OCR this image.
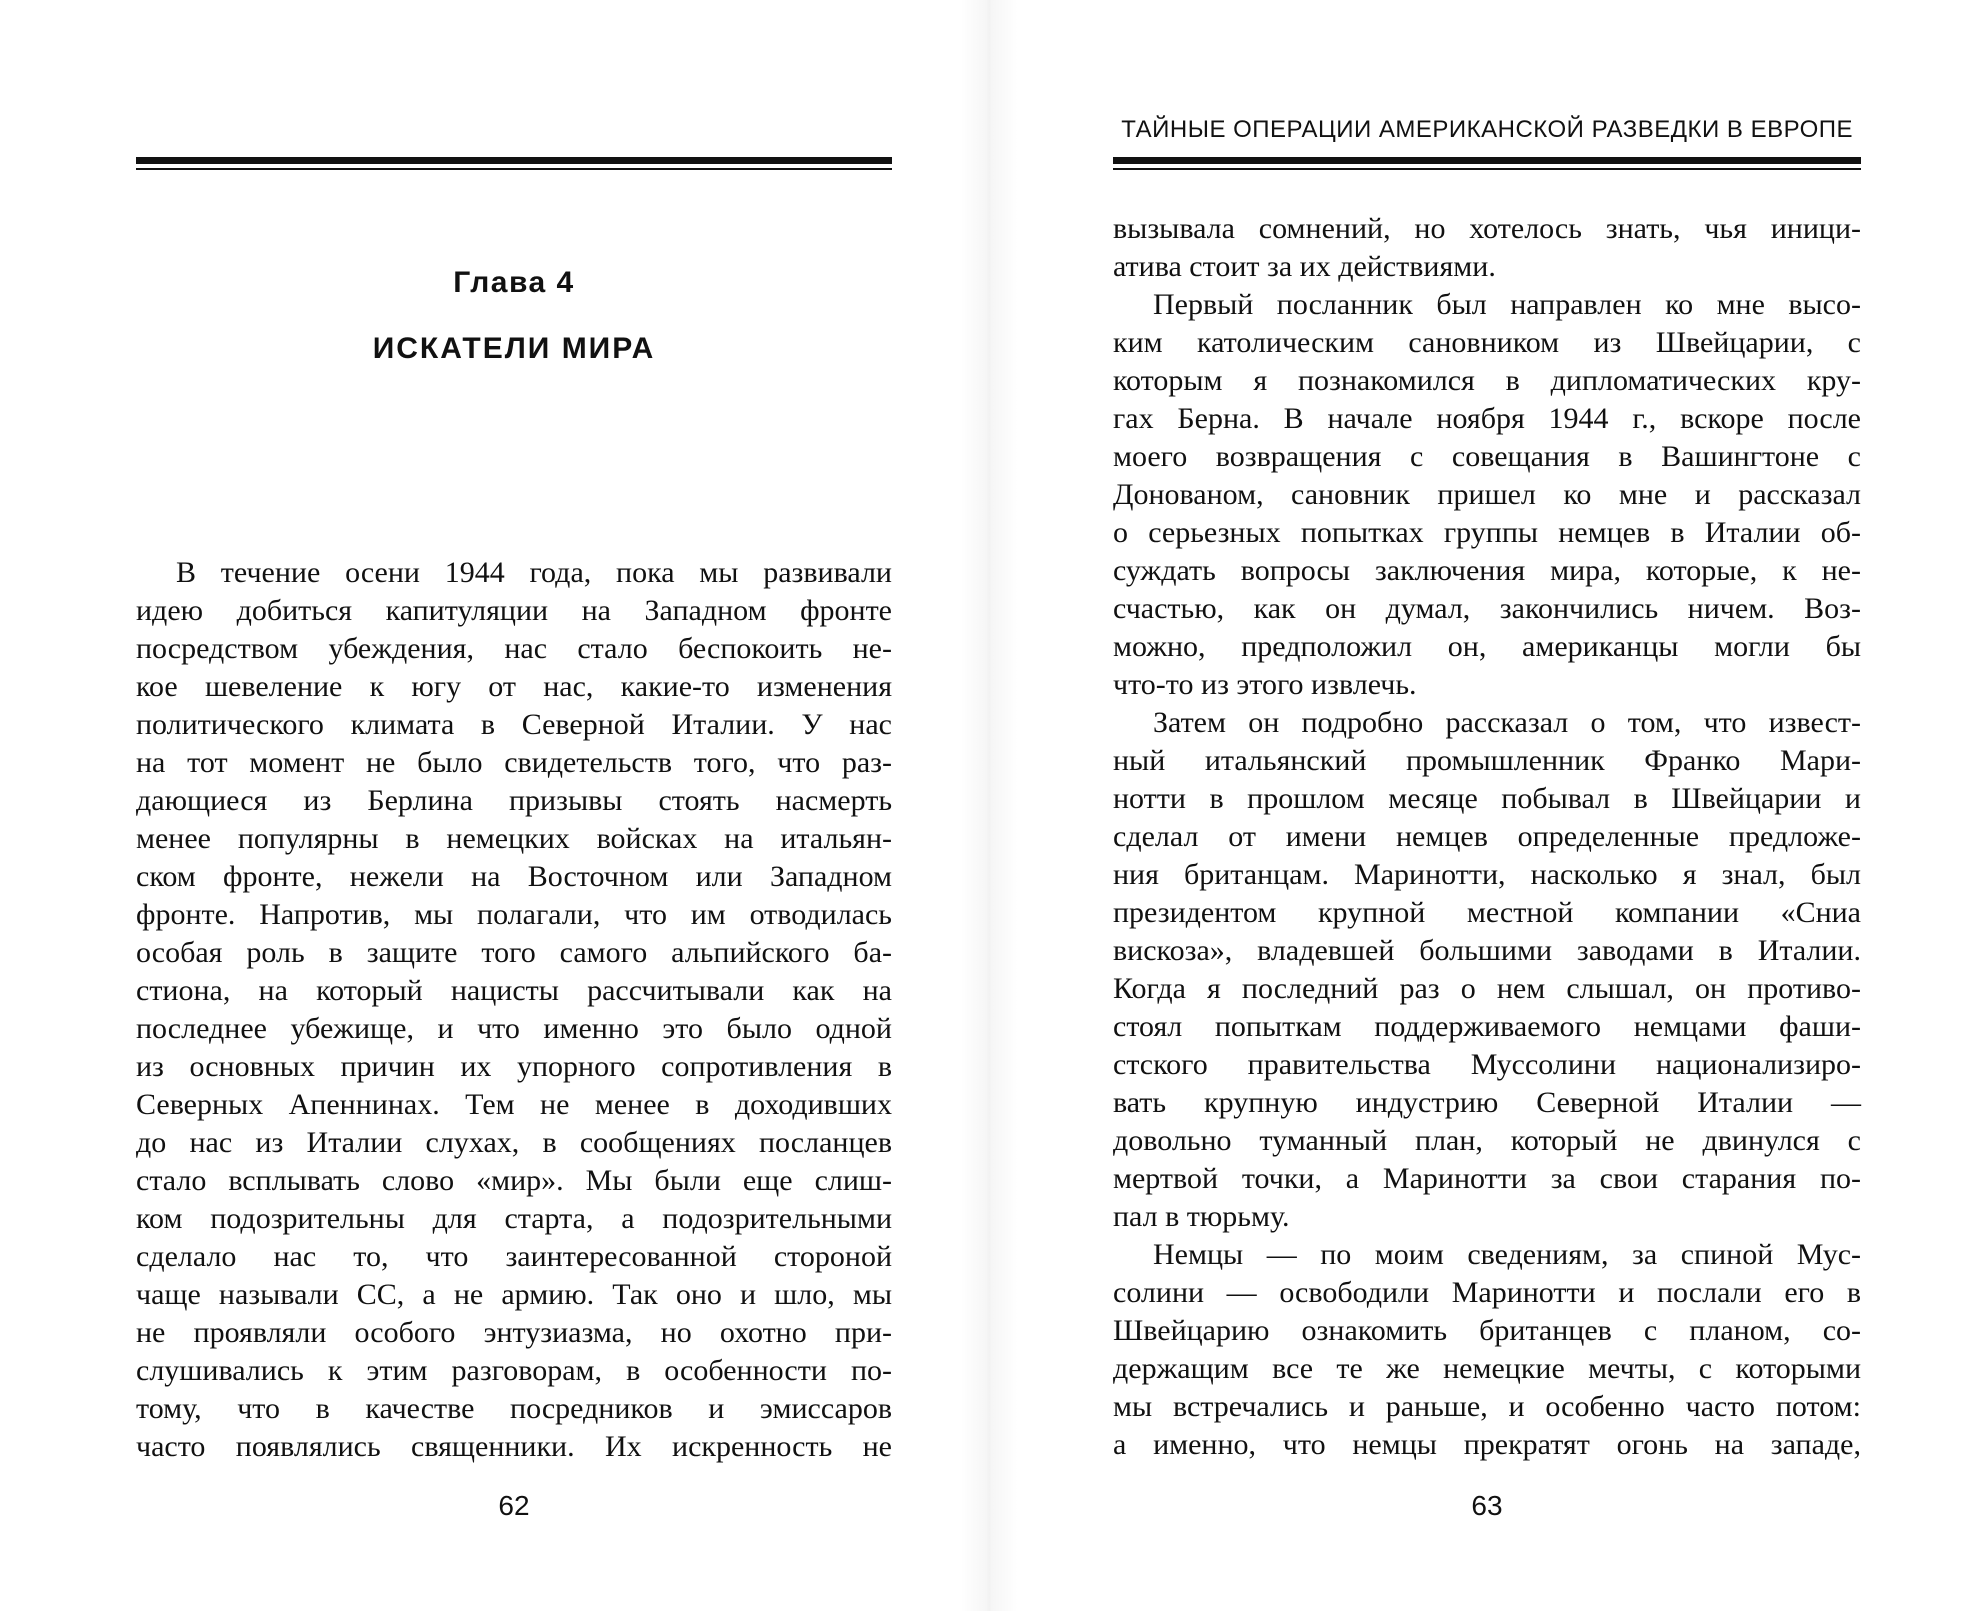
Глава 4
ИСКАТЕЛИ МИРА
В течение осени 1944 года, пока мы развивали
идею добиться капитуляции на Западном фронте
посредством убеждения, нас стало беспокоить не-
кое шевеление к югу от нас, какие-то изменения
политического климата в Северной Италии. У нас
на тот момент не было свидетельств того, что раз-
дающиеся из Берлина призывы стоять насмерть
менее популярны в немецких войсках на итальян-
ском фронте, нежели на Восточном или Западном
фронте. Напротив, мы полагали, что им отводилась
особая роль в защите того самого альпийского ба-
стиона, на который нацисты рассчитывали как на
последнее убежище, и что именно это было одной
из основных причин их упорного сопротивления в
Северных Апеннинах. Тем не менее в доходивших
до нас из Италии слухах, в сообщениях посланцев
стало всплывать слово «мир». Мы были еще слиш-
ком подозрительны для старта, а подозрительными
сделало нас то, что заинтересованной стороной
чаще называли СС, а не армию. Так оно и шло, мы
не проявляли особого энтузиазма, но охотно при-
слушивались к этим разговорам, в особенности по-
тому, что в качестве посредников и эмиссаров
часто появлялись священники. Их искренность не
62
ТАЙНЫЕ ОПЕРАЦИИ АМЕРИКАНСКОЙ РАЗВЕДКИ В ЕВРОПЕ
вызывала сомнений, но хотелось знать, чья иници-
атива стоит за их действиями.
Первый посланник был направлен ко мне высо-
ким католическим сановником из Швейцарии, с
которым я познакомился в дипломатических кру-
гах Берна. В начале ноября 1944 г., вскоре после
моего возвращения с совещания в Вашингтоне с
Донованом, сановник пришел ко мне и рассказал
о серьезных попытках группы немцев в Италии об-
суждать вопросы заключения мира, которые, к не-
счастью, как он думал, закончились ничем. Воз-
можно, предположил он, американцы могли бы
что-то из этого извлечь.
Затем он подробно рассказал о том, что извест-
ный итальянский промышленник Франко Мари-
нотти в прошлом месяце побывал в Швейцарии и
сделал от имени немцев определенные предложе-
ния британцам. Маринотти, насколько я знал, был
президентом крупной местной компании «Сниа
вискоза», владевшей большими заводами в Италии.
Когда я последний раз о нем слышал, он противо-
стоял попыткам поддерживаемого немцами фаши-
стского правительства Муссолини национализиро-
вать крупную индустрию Северной Италии —
довольно туманный план, который не двинулся с
мертвой точки, а Маринотти за свои старания по-
пал в тюрьму.
Немцы — по моим сведениям, за спиной Мус-
солини — освободили Маринотти и послали его в
Швейцарию ознакомить британцев с планом, со-
держащим все те же немецкие мечты, с которыми
мы встречались и раньше, и особенно часто потом:
а именно, что немцы прекратят огонь на западе,
63
